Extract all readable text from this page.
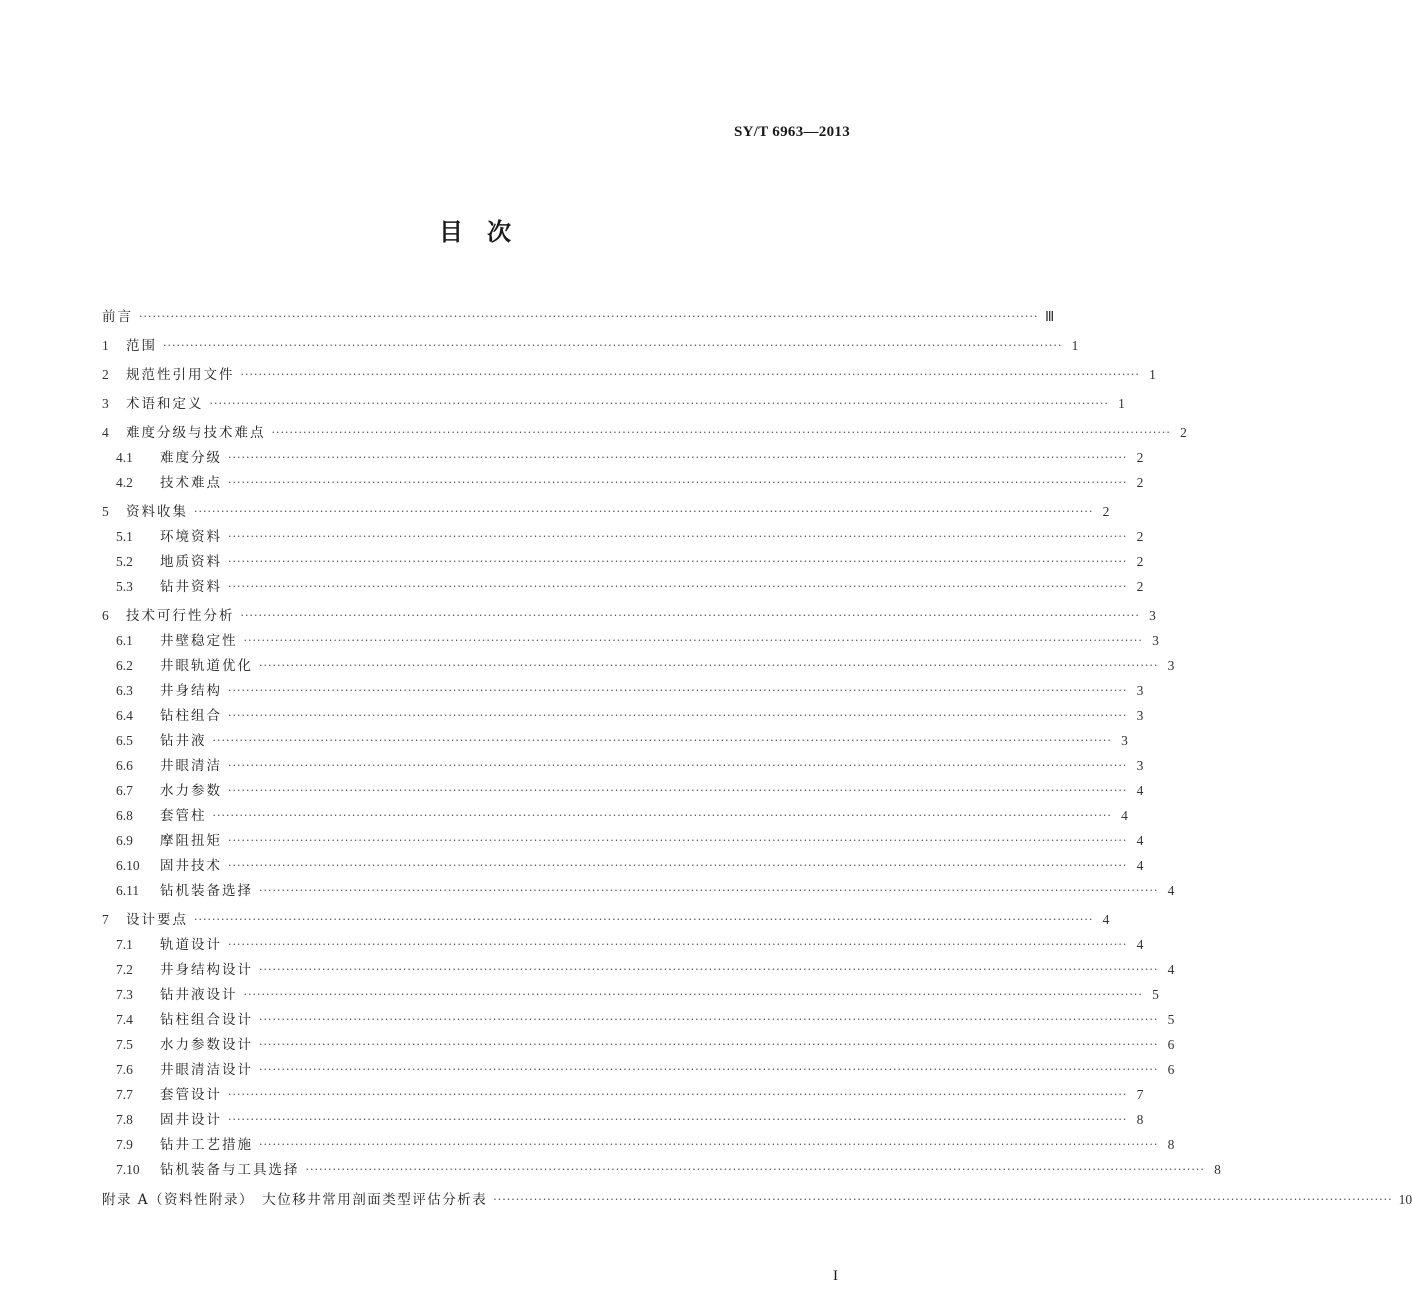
SY/T 6963—2013
目　次
前言 ········································································································································································································ Ⅲ
1	范围 ········································································································································································································ 1
2	规范性引用文件 ········································································································································································································ 1
3	术语和定义 ········································································································································································································ 1
4	难度分级与技术难点 ········································································································································································································ 2
4.1	难度分级 ········································································································································································································ 2
4.2	技术难点 ········································································································································································································ 2
5	资料收集 ········································································································································································································ 2
5.1	环境资料 ········································································································································································································ 2
5.2	地质资料 ········································································································································································································ 2
5.3	钻井资料 ········································································································································································································ 2
6	技术可行性分析 ········································································································································································································ 3
6.1	井壁稳定性 ········································································································································································································ 3
6.2	井眼轨道优化 ········································································································································································································ 3
6.3	井身结构 ········································································································································································································ 3
6.4	钻柱组合 ········································································································································································································ 3
6.5	钻井液 ········································································································································································································ 3
6.6	井眼清洁 ········································································································································································································ 3
6.7	水力参数 ········································································································································································································ 4
6.8	套管柱 ········································································································································································································ 4
6.9	摩阻扭矩 ········································································································································································································ 4
6.10	固井技术 ········································································································································································································ 4
6.11	钻机装备选择 ········································································································································································································ 4
7	设计要点 ········································································································································································································ 4
7.1	轨道设计 ········································································································································································································ 4
7.2	井身结构设计 ········································································································································································································ 4
7.3	钻井液设计 ········································································································································································································ 5
7.4	钻柱组合设计 ········································································································································································································ 5
7.5	水力参数设计 ········································································································································································································ 6
7.6	井眼清洁设计 ········································································································································································································ 6
7.7	套管设计 ········································································································································································································ 7
7.8	固井设计 ········································································································································································································ 8
7.9	钻井工艺措施 ········································································································································································································ 8
7.10	钻机装备与工具选择 ········································································································································································································ 8
附录 A（资料性附录）　大位移井常用剖面类型评估分析表 ········································································································································································································ 10
I
